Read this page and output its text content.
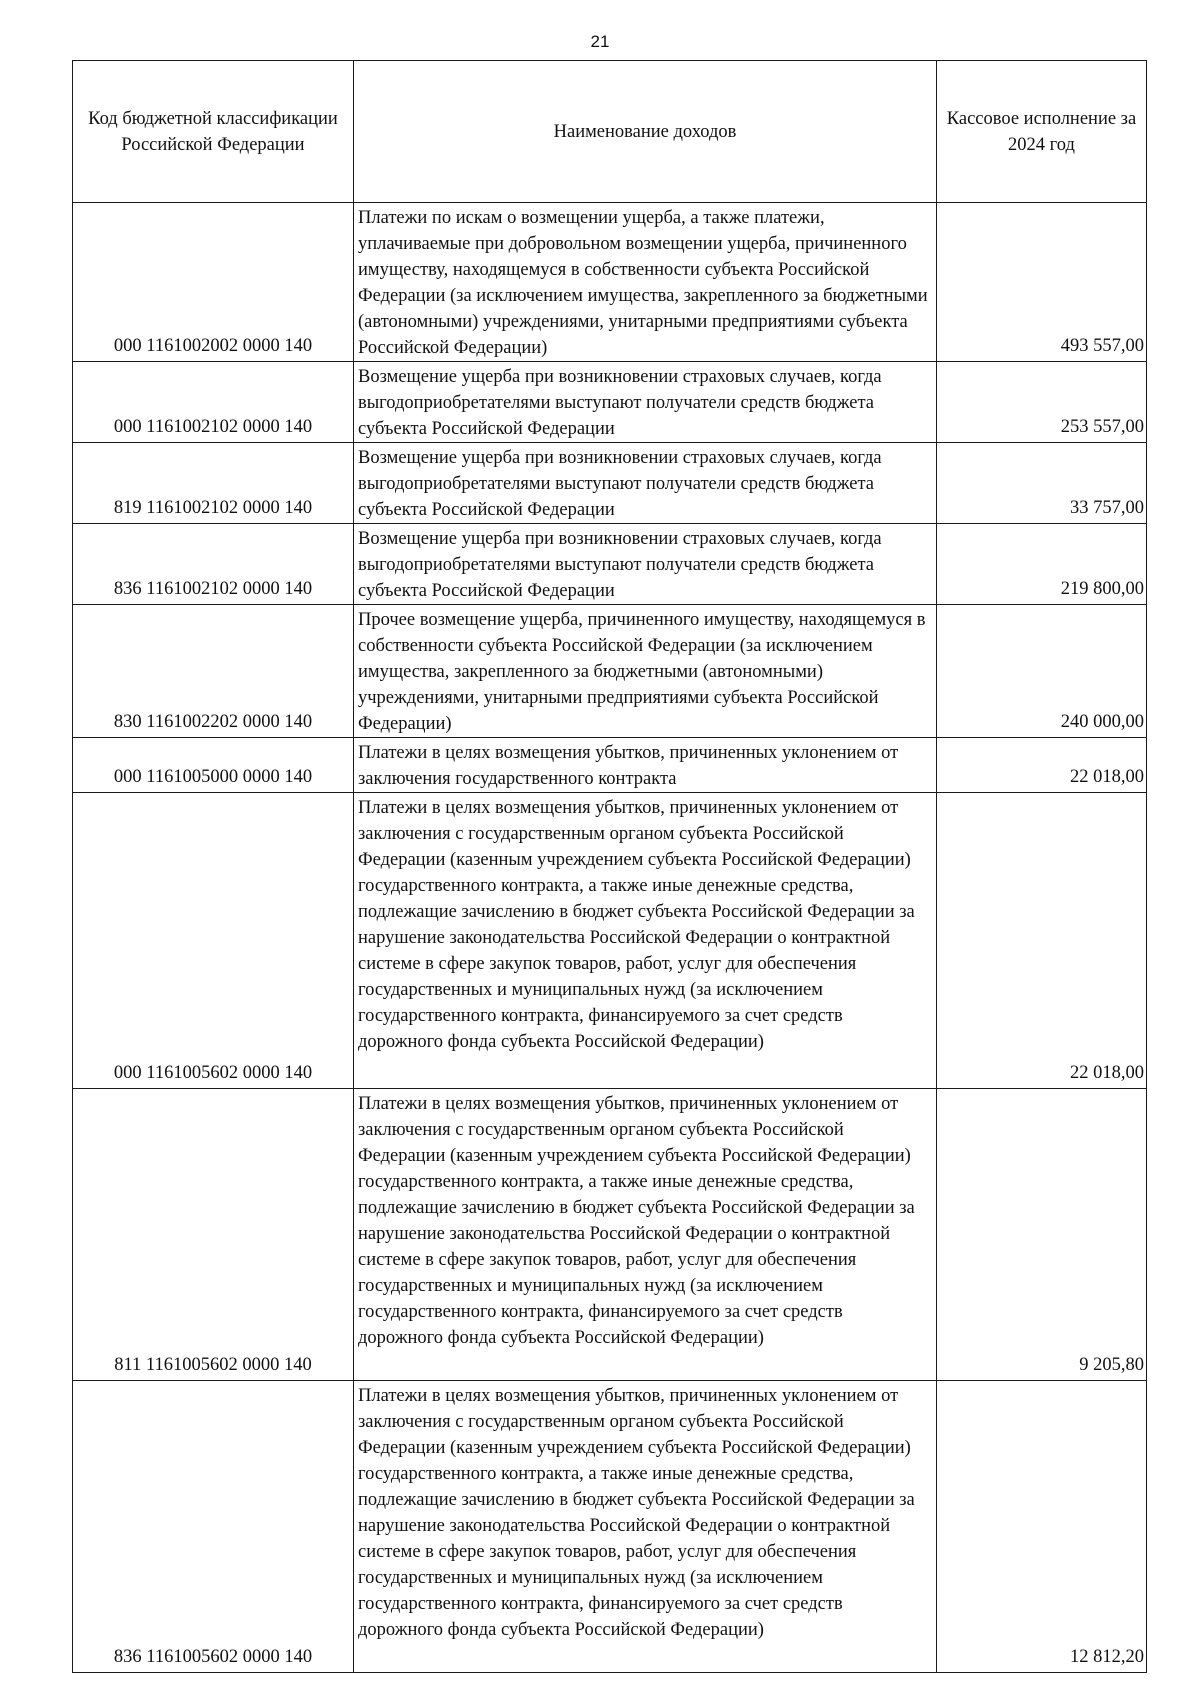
21
Код бюджетной классификации Российской Федерации	Наименование доходов	Кассовое исполнение за 2024 год
000 1161002002 0000 140	Платежи по искам о возмещении ущерба, а также платежи, уплачиваемые при добровольном возмещении ущерба, причиненного имуществу, находящемуся в собственности субъекта Российской Федерации (за исключением имущества, закрепленного за бюджетными (автономными) учреждениями, унитарными предприятиями субъекта Российской Федерации)	493 557,00
000 1161002102 0000 140	Возмещение ущерба при возникновении страховых случаев, когда выгодоприобретателями выступают получатели средств бюджета субъекта Российской Федерации	253 557,00
819 1161002102 0000 140	Возмещение ущерба при возникновении страховых случаев, когда выгодоприобретателями выступают получатели средств бюджета субъекта Российской Федерации	33 757,00
836 1161002102 0000 140	Возмещение ущерба при возникновении страховых случаев, когда выгодоприобретателями выступают получатели средств бюджета субъекта Российской Федерации	219 800,00
830 1161002202 0000 140	Прочее возмещение ущерба, причиненного имуществу, находящемуся в собственности субъекта Российской Федерации (за исключением имущества, закрепленного за бюджетными (автономными) учреждениями, унитарными предприятиями субъекта Российской Федерации)	240 000,00
000 1161005000 0000 140	Платежи в целях возмещения убытков, причиненных уклонением от заключения государственного контракта	22 018,00
000 1161005602 0000 140	Платежи в целях возмещения убытков, причиненных уклонением от заключения с государственным органом субъекта Российской Федерации (казенным учреждением субъекта Российской Федерации) государственного контракта, а также иные денежные средства, подлежащие зачислению в бюджет субъекта Российской Федерации за нарушение законодательства Российской Федерации о контрактной системе в сфере закупок товаров, работ, услуг для обеспечения государственных и муниципальных нужд (за исключением государственного контракта, финансируемого за счет средств дорожного фонда субъекта Российской Федерации)	22 018,00
811 1161005602 0000 140	Платежи в целях возмещения убытков, причиненных уклонением от заключения с государственным органом субъекта Российской Федерации (казенным учреждением субъекта Российской Федерации) государственного контракта, а также иные денежные средства, подлежащие зачислению в бюджет субъекта Российской Федерации за нарушение законодательства Российской Федерации о контрактной системе в сфере закупок товаров, работ, услуг для обеспечения государственных и муниципальных нужд (за исключением государственного контракта, финансируемого за счет средств дорожного фонда субъекта Российской Федерации)	9 205,80
836 1161005602 0000 140	Платежи в целях возмещения убытков, причиненных уклонением от заключения с государственным органом субъекта Российской Федерации (казенным учреждением субъекта Российской Федерации) государственного контракта, а также иные денежные средства, подлежащие зачислению в бюджет субъекта Российской Федерации за нарушение законодательства Российской Федерации о контрактной системе в сфере закупок товаров, работ, услуг для обеспечения государственных и муниципальных нужд (за исключением государственного контракта, финансируемого за счет средств дорожного фонда субъекта Российской Федерации)	12 812,20
